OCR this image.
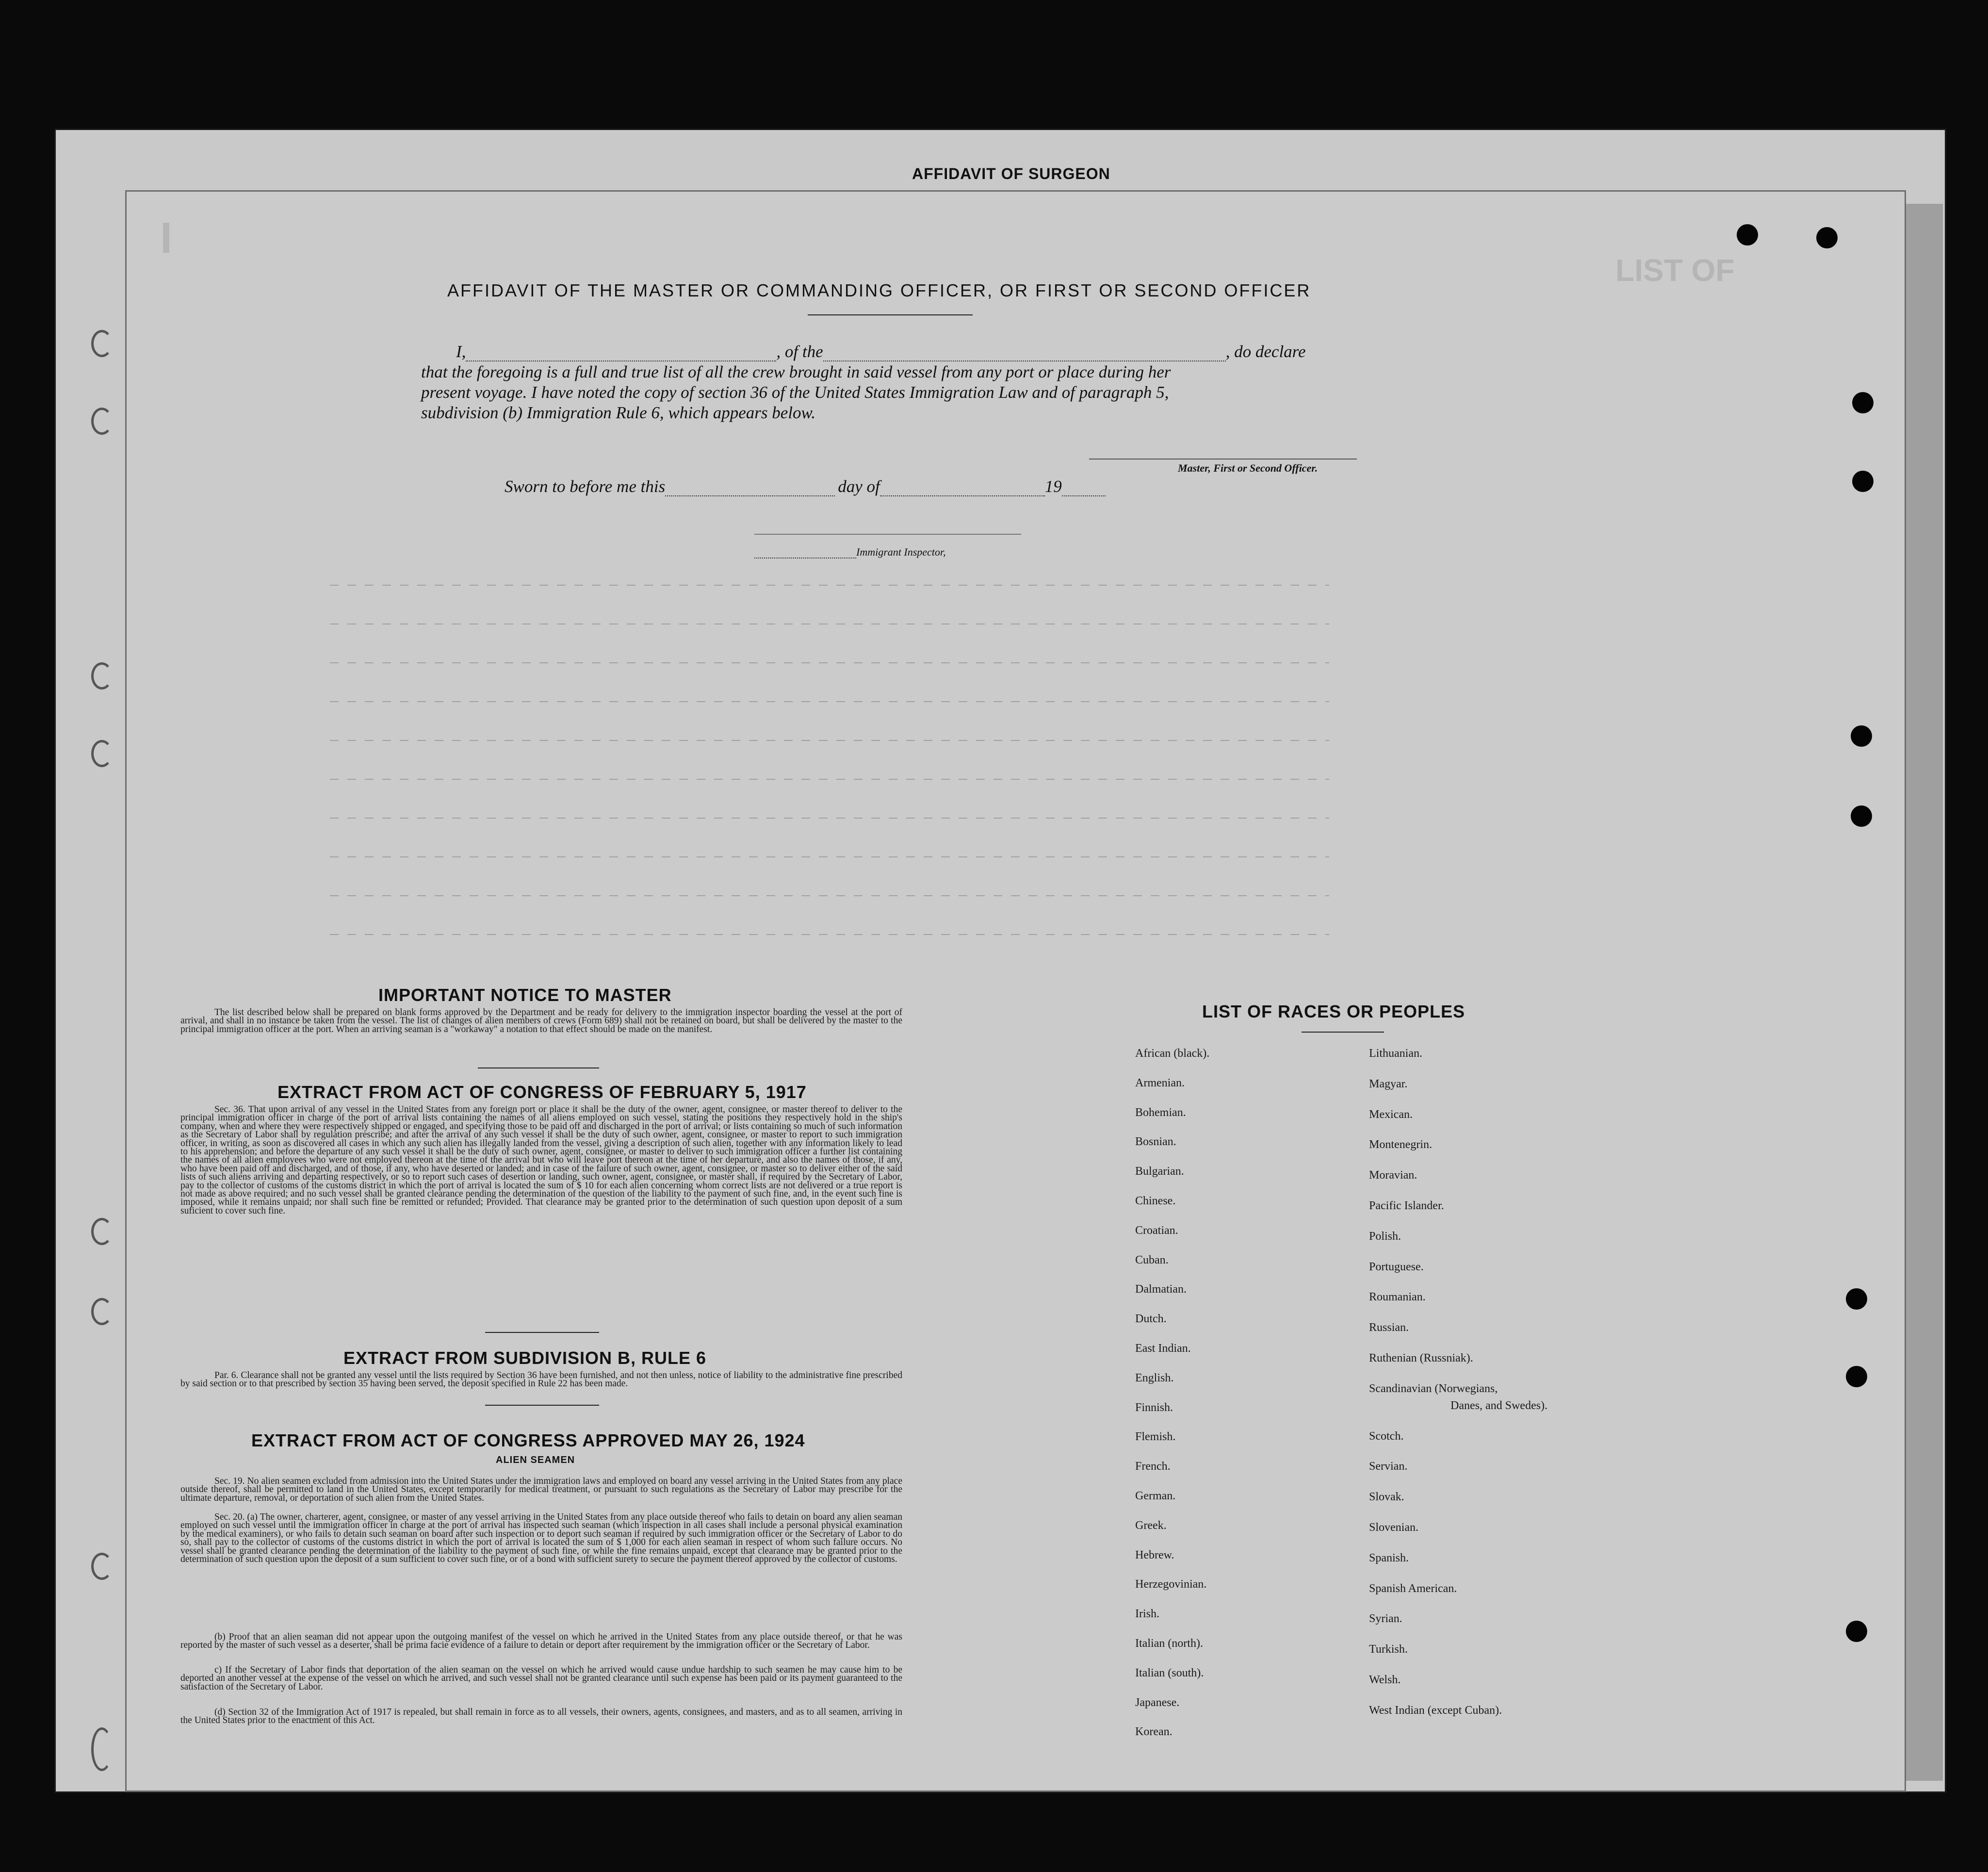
AFFIDAVIT OF SURGEON
LIST OF
I
AFFIDAVIT OF THE MASTER OR COMMANDING OFFICER, OR FIRST OR SECOND OFFICER
I,	, of the	, do declare
that the foregoing is a full and true list of all the crew brought in said vessel from any port or place during her
present voyage. I have noted the copy of section 36 of the United States Immigration Law and of paragraph 5,
subdivision (b) Immigration Rule 6, which appears below.
Master, First or Second Officer.
Sworn to before me this	day of	19
Immigrant Inspector,
IMPORTANT NOTICE TO MASTER

The list described below shall be prepared on blank forms approved by the Department and be ready for delivery to the immigration inspector boarding the vessel at the port of arrival, and shall in no instance be taken from the vessel. The list of changes of alien members of crews (Form 689) shall not be retained on board, but shall be delivered by the master to the principal immigration officer at the port. When an arriving seaman is a "workaway" a notation to that effect should be made on the manifest.

EXTRACT FROM ACT OF CONGRESS OF FEBRUARY 5, 1917

Sec. 36. That upon arrival of any vessel in the United States from any foreign port or place it shall be the duty of the owner, agent, consignee, or master thereof to deliver to the principal immigration officer in charge of the port of arrival lists containing the names of all aliens employed on such vessel, stating the positions they respectively hold in the ship's company, when and where they were respectively shipped or engaged, and specifying those to be paid off and discharged in the port of arrival; or lists containing so much of such information as the Secretary of Labor shall by regulation prescribe; and after the arrival of any such vessel it shall be the duty of such owner, agent, consignee, or master to report to such immigration officer, in writing, as soon as discovered all cases in which any such alien has illegally landed from the vessel, giving a description of such alien, together with any information likely to lead to his apprehension; and before the departure of any such vessel it shall be the duty of such owner, agent, consignee, or master to deliver to such immigration officer a further list containing the names of all alien employees who were not employed thereon at the time of the arrival but who will leave port thereon at the time of her departure, and also the names of those, if any, who have been paid off and discharged, and of those, if any, who have deserted or landed; and in case of the failure of such owner, agent, consignee, or master so to deliver either of the said lists of such aliens arriving and departing respectively, or so to report such cases of desertion or landing, such owner, agent, consignee, or master shall, if required by the Secretary of Labor, pay to the collector of customs of the customs district in which the port of arrival is located the sum of $ 10 for each alien concerning whom correct lists are not delivered or a true report is not made as above required; and no such vessel shall be granted clearance pending the determination of the question of the liability to the payment of such fine, and, in the event such fine is imposed, while it remains unpaid; nor shall such fine be remitted or refunded; Provided. That clearance may be granted prior to the determination of such question upon deposit of a sum suficient to cover such fine.

EXTRACT FROM SUBDIVISION B, RULE 6

Par. 6. Clearance shall not be granted any vessel until the lists required by Section 36 have been furnished, and not then unless, notice of liability to the administrative fine prescribed by said section or to that prescribed by section 35 having been served, the deposit specified in Rule 22 has been made.

EXTRACT FROM ACT OF CONGRESS APPROVED MAY 26, 1924
ALIEN SEAMEN

Sec. 19. No alien seamen excluded from admission into the United States under the immigration laws and employed on board any vessel arriving in the United States from any place outside thereof, shall be permitted to land in the United States, except temporarily for medical treatment, or pursuant to such regulations as the Secretary of Labor may prescribe for the ultimate departure, removal, or deportation of such alien from the United States.

Sec. 20. (a) The owner, charterer, agent, consignee, or master of any vessel arriving in the United States from any place outside thereof who fails to detain on board any alien seaman employed on such vessel until the immigration officer in charge at the port of arrival has inspected such seaman (which inspection in all cases shall include a personal physical examination by the medical examiners), or who fails to detain such seaman on board after such inspection or to deport such seaman if required by such immigration officer or the Secretary of Labor to do so, shall pay to the collector of customs of the customs district in which the port of arrival is located the sum of $ 1,000 for each alien seaman in respect of whom such failure occurs. No vessel shall be granted clearance pending the determination of the liability to the payment of such fine, or while the fine remains unpaid, except that clearance may be granted prior to the determination of such question upon the deposit of a sum sufficient to cover such fine, or of a bond with sufficient surety to secure the payment thereof approved by the collector of customs.

(b) Proof that an alien seaman did not appear upon the outgoing manifest of the vessel on which he arrived in the United States from any place outside thereof, or that he was reported by the master of such vessel as a deserter, shall be prima facie evidence of a failure to detain or deport after requirement by the immigration officer or the Secretary of Labor.

c) If the Secretary of Labor finds that deportation of the alien seaman on the vessel on which he arrived would cause undue hardship to such seamen he may cause him to be deported an another vessel at the expense of the vessel on which he arrived, and such vessel shall not be granted clearance until such expense has been paid or its payment guaranteed to the satisfaction of the Secretary of Labor.

(d) Section 32 of the Immigration Act of 1917 is repealed, but shall remain in force as to all vessels, their owners, agents, consignees, and masters, and as to all seamen, arriving in the United States prior to the enactment of this Act.

LIST OF RACES OR PEOPLES
African (black).
Armenian.
Bohemian.
Bosnian.
Bulgarian.
Chinese.
Croatian.
Cuban.
Dalmatian.
Dutch.
East Indian.
English.
Finnish.
Flemish.
French.
German.
Greek.
Hebrew.
Herzegovinian.
Irish.
Italian (north).
Italian (south).
Japanese.
Korean.
Lithuanian.
Magyar.
Mexican.
Montenegrin.
Moravian.
Pacific Islander.
Polish.
Portuguese.
Roumanian.
Russian.
Ruthenian (Russniak).
Scandinavian (Norwegians,
Danes, and Swedes).
Scotch.
Servian.
Slovak.
Slovenian.
Spanish.
Spanish American.
Syrian.
Turkish.
Welsh.
West Indian (except Cuban).
